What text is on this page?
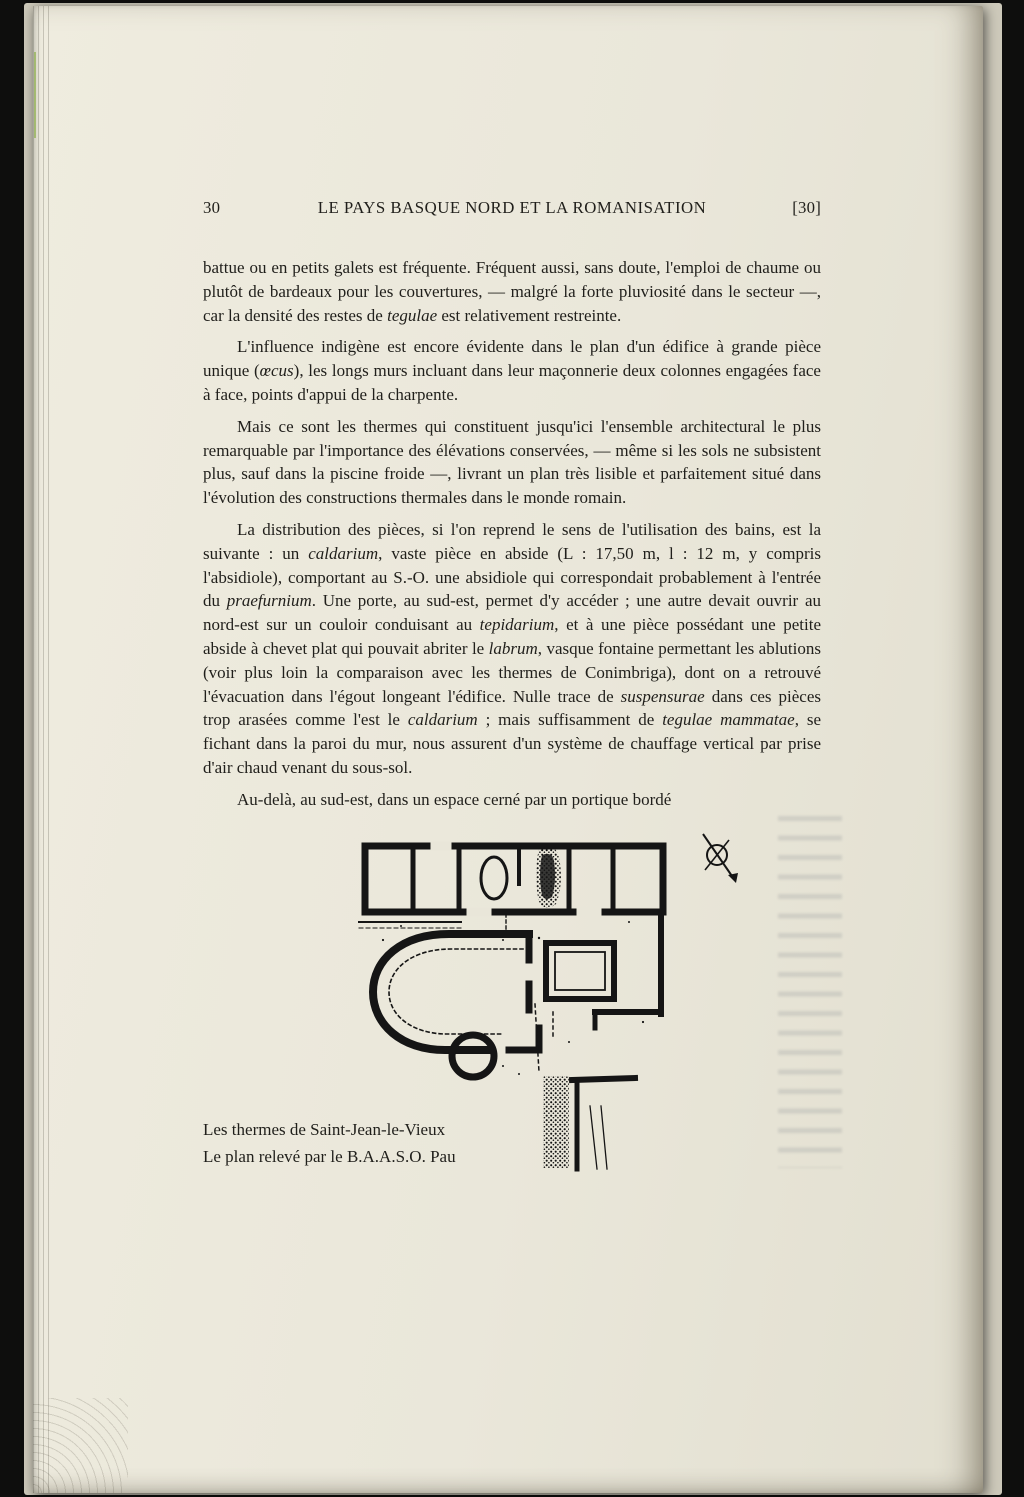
30	LE PAYS BASQUE NORD ET LA ROMANISATION	[30]

battue ou en petits galets est fréquente. Fréquent aussi, sans doute, l'emploi de chaume ou plutôt de bardeaux pour les couvertures, — malgré la forte pluviosité dans le secteur —, car la densité des restes de tegulae est relativement restreinte.

L'influence indigène est encore évidente dans le plan d'un édifice à grande pièce unique (œcus), les longs murs incluant dans leur maçonnerie deux colonnes engagées face à face, points d'appui de la charpente.

Mais ce sont les thermes qui constituent jusqu'ici l'ensemble architectural le plus remarquable par l'importance des élévations conservées, — même si les sols ne subsistent plus, sauf dans la piscine froide —, livrant un plan très lisible et parfaitement situé dans l'évolution des constructions thermales dans le monde romain.

La distribution des pièces, si l'on reprend le sens de l'utilisation des bains, est la suivante : un caldarium, vaste pièce en abside (L : 17,50 m, l : 12 m, y compris l'absidiole), comportant au S.-O. une absidiole qui correspondait probablement à l'entrée du praefurnium. Une porte, au sud-est, permet d'y accéder ; une autre devait ouvrir au nord-est sur un couloir conduisant au tepidarium, et à une pièce possédant une petite abside à chevet plat qui pouvait abriter le labrum, vasque fontaine permettant les ablutions (voir plus loin la comparaison avec les thermes de Conimbriga), dont on a retrouvé l'évacuation dans l'égout longeant l'édifice. Nulle trace de suspensurae dans ces pièces trop arasées comme l'est le caldarium ; mais suffisamment de tegulae mammatae, se fichant dans la paroi du mur, nous assurent d'un système de chauffage vertical par prise d'air chaud venant du sous-sol.

Au-delà, au sud-est, dans un espace cerné par un portique bordé

Les thermes de Saint-Jean-le-Vieux
Le plan relevé par le B.A.A.S.O. Pau
